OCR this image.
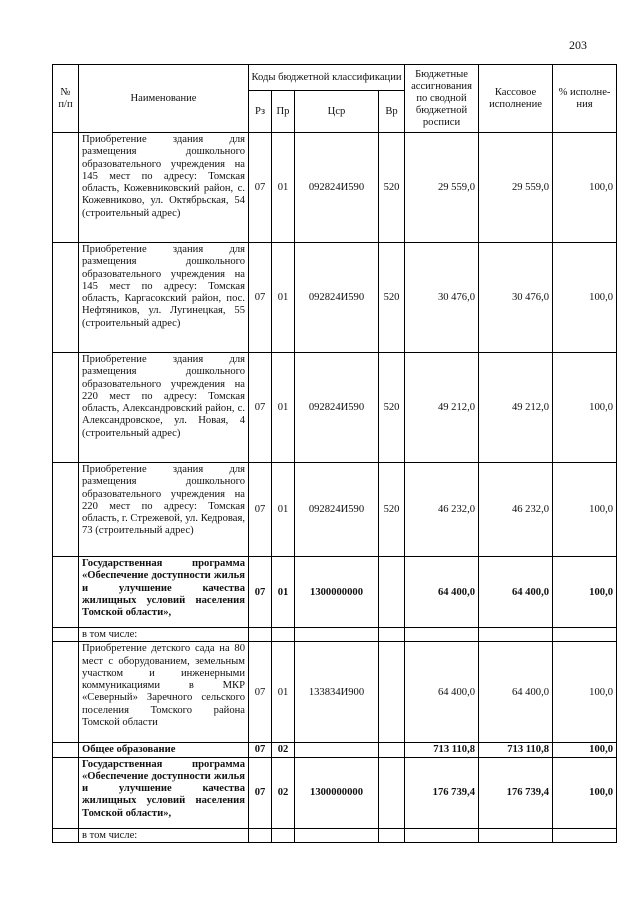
203
№ п/п	Наименование	Коды бюджетной классификации				Бюджетные ассигнования по сводной бюджетной росписи	Кассовое исполнение	% исполне-ния
		Рз	Пр	Цср	Вр			
	Приобретение здания для размещения дошкольного образовательного учреждения на 145 мест по адресу: Томская область, Кожевниковский район, с. Кожевниково, ул. Октябрьская, 54 (строительный адрес)	07	01	092824И590	520	29 559,0	29 559,0	100,0
	Приобретение здания для размещения дошкольного образовательного учреждения на 145 мест по адресу: Томская область, Каргасокский район, пос. Нефтяников, ул. Лугинецкая, 55 (строительный адрес)	07	01	092824И590	520	30 476,0	30 476,0	100,0
	Приобретение здания для размещения дошкольного образовательного учреждения на 220 мест по адресу: Томская область, Александровский район, с. Александровское, ул. Новая, 4 (строительный адрес)	07	01	092824И590	520	49 212,0	49 212,0	100,0
	Приобретение здания для размещения дошкольного образовательного учреждения на 220 мест по адресу: Томская область, г. Стрежевой, ул. Кедровая, 73 (строительный адрес)	07	01	092824И590	520	46 232,0	46 232,0	100,0
	Государственная программа «Обеспечение доступности жилья и улучшение качества жилищных условий населения Томской области»,	07	01	1300000000		64 400,0	64 400,0	100,0
	в том числе:							
	Приобретение детского сада на 80 мест с оборудованием, земельным участком и инженерными коммуникациями в МКР «Северный» Заречного сельского поселения Томского района Томской области	07	01	133834И900		64 400,0	64 400,0	100,0
	Общее образование	07	02			713 110,8	713 110,8	100,0
	Государственная программа «Обеспечение доступности жилья и улучшение качества жилищных условий населения Томской области»,	07	02	1300000000		176 739,4	176 739,4	100,0
	в том числе:							
